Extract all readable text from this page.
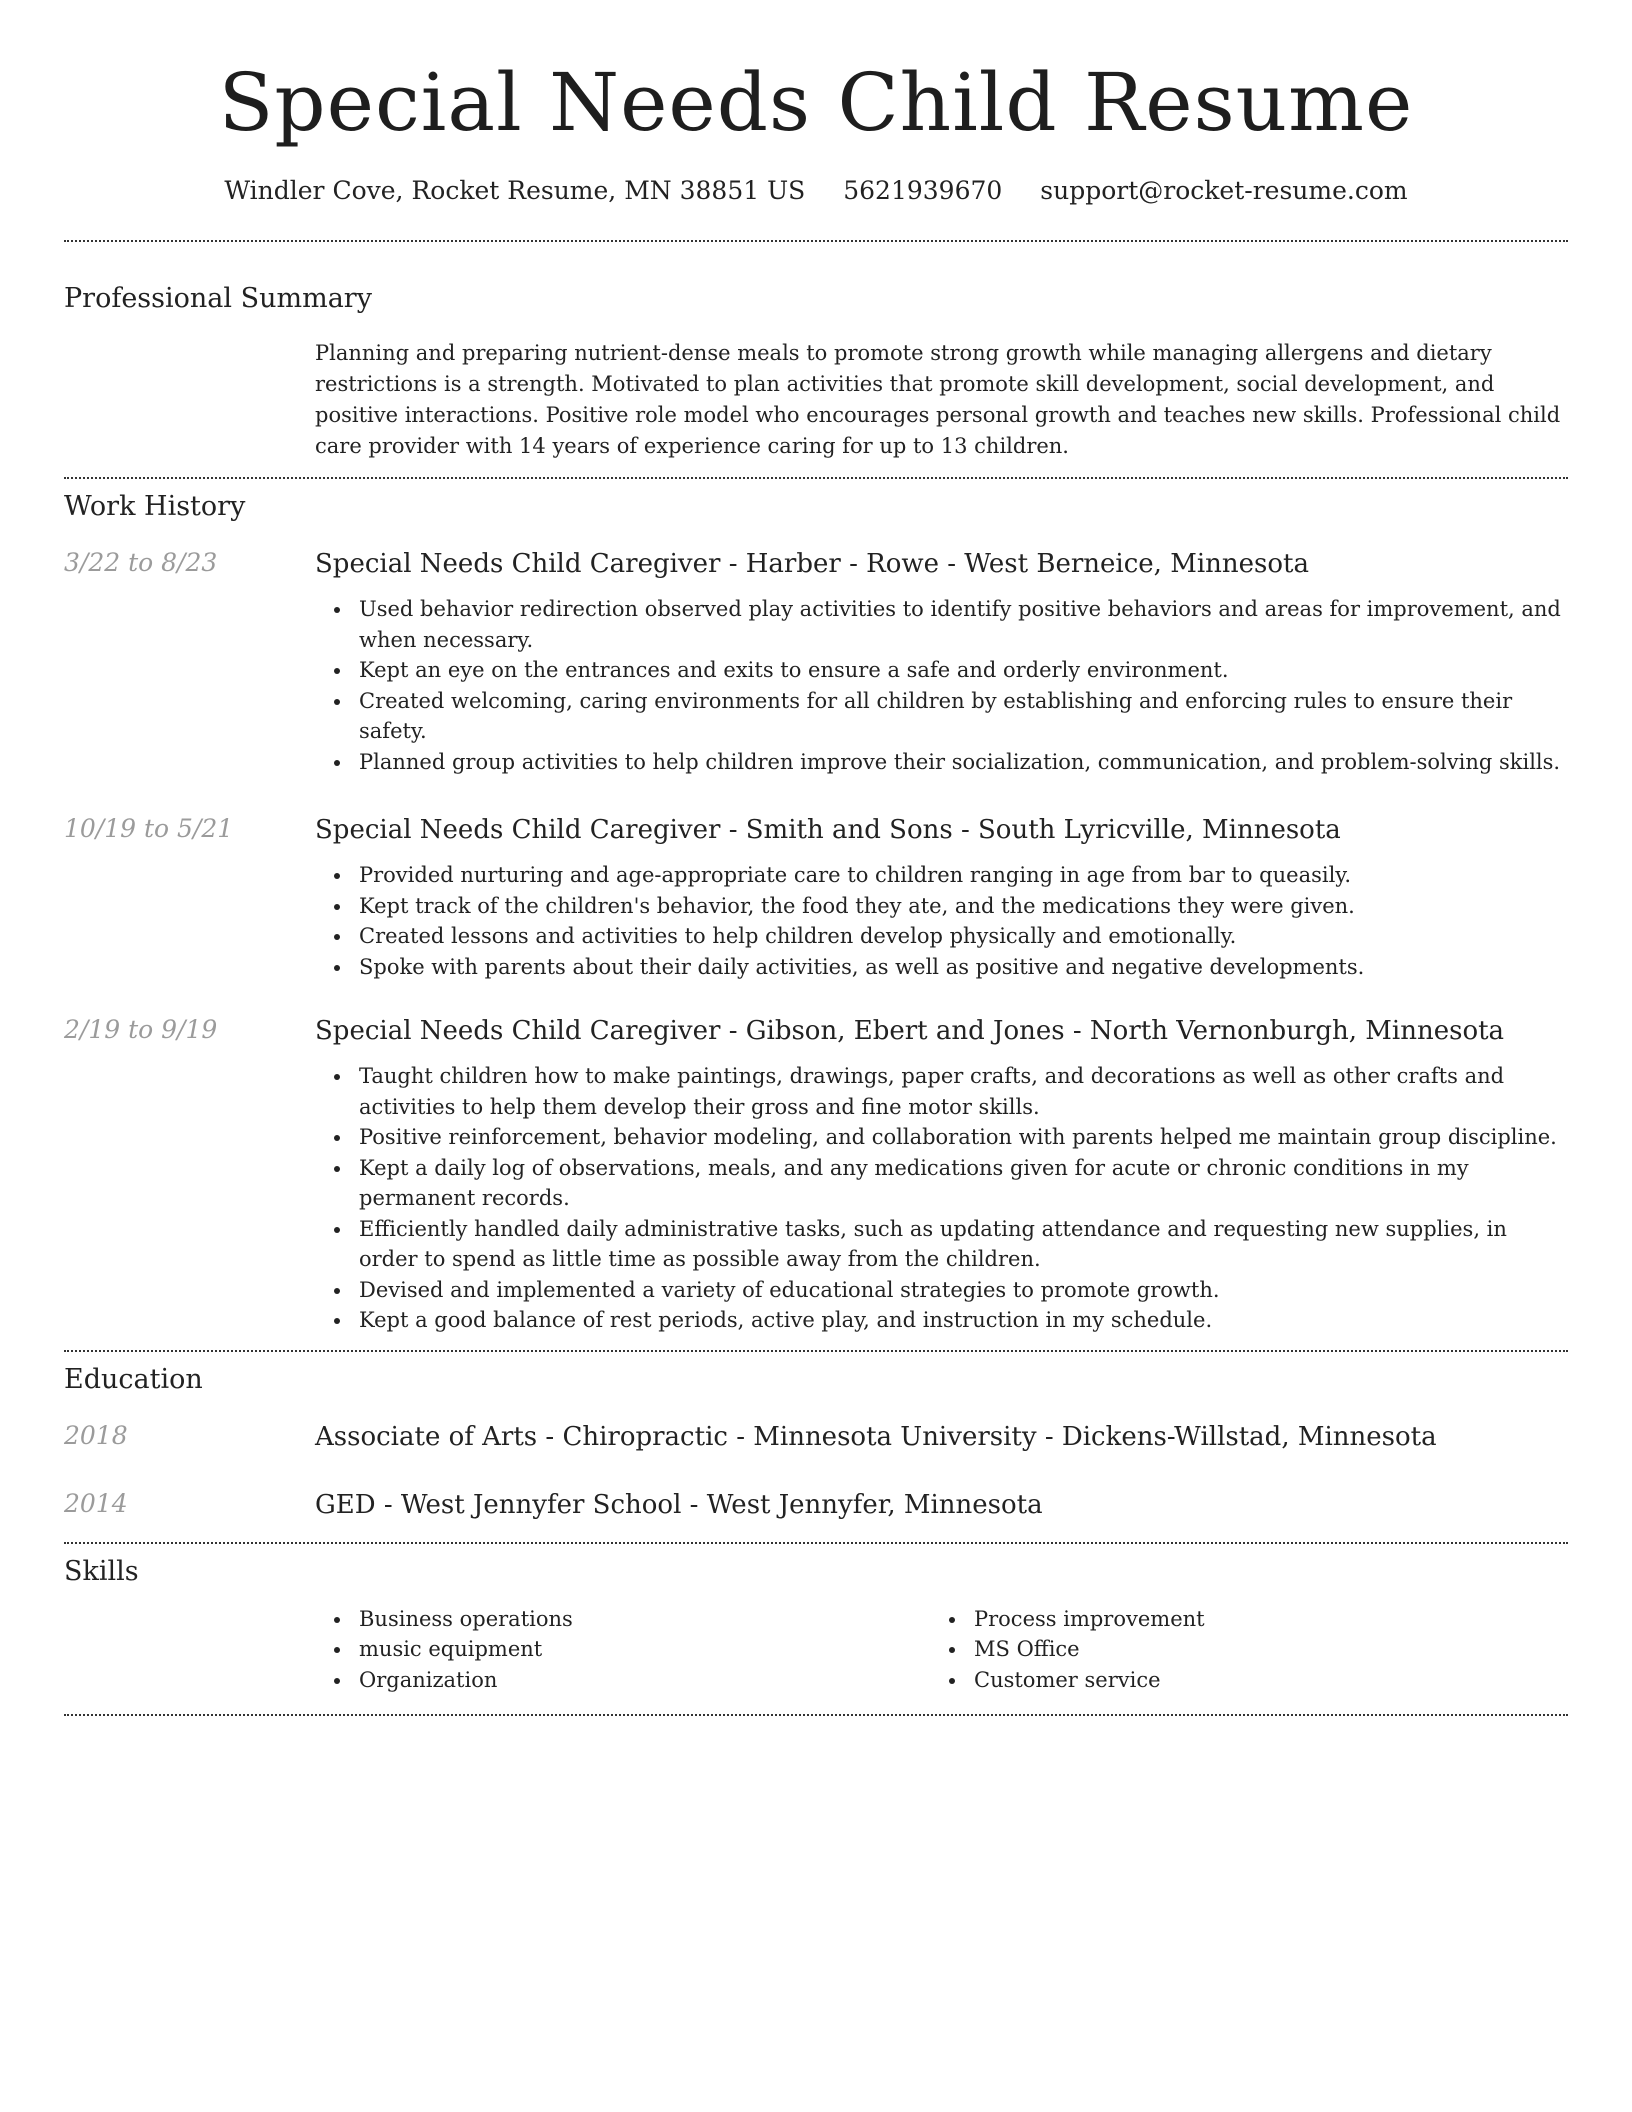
Special Needs Child Resume
Windler Cove, Rocket Resume, MN 38851 US 5621939670 support@rocket-resume.com
Professional Summary

Planning and preparing nutrient-dense meals to promote strong growth while managing allergens and dietary restrictions is a strength. Motivated to plan activities that promote skill development, social development, and positive interactions. Positive role model who encourages personal growth and teaches new skills. Professional child care provider with 14 years of experience caring for up to 13 children.

Work History
3/22 to 8/23	Special Needs Child Caregiver - Harber - Rowe - West Berneice, Minnesota
Used behavior redirection observed play activities to identify positive behaviors and areas for improvement, and when necessary.
Kept an eye on the entrances and exits to ensure a safe and orderly environment.
Created welcoming, caring environments for all children by establishing and enforcing rules to ensure their safety.
Planned group activities to help children improve their socialization, communication, and problem-solving skills.
10/19 to 5/21	Special Needs Child Caregiver - Smith and Sons - South Lyricville, Minnesota
Provided nurturing and age-appropriate care to children ranging in age from bar to queasily.
Kept track of the children's behavior, the food they ate, and the medications they were given.
Created lessons and activities to help children develop physically and emotionally.
Spoke with parents about their daily activities, as well as positive and negative developments.
2/19 to 9/19	Special Needs Child Caregiver - Gibson, Ebert and Jones - North Vernonburgh, Minnesota
Taught children how to make paintings, drawings, paper crafts, and decorations as well as other crafts and activities to help them develop their gross and fine motor skills.
Positive reinforcement, behavior modeling, and collaboration with parents helped me maintain group discipline.
Kept a daily log of observations, meals, and any medications given for acute or chronic conditions in my permanent records.
Efficiently handled daily administrative tasks, such as updating attendance and requesting new supplies, in order to spend as little time as possible away from the children.
Devised and implemented a variety of educational strategies to promote growth.
Kept a good balance of rest periods, active play, and instruction in my schedule.
Education
2018	Associate of Arts - Chiropractic - Minnesota University - Dickens-Willstad, Minnesota
2014	GED - West Jennyfer School - West Jennyfer, Minnesota
Skills
Business operations
music equipment
Organization
Process improvement
MS Office
Customer service
